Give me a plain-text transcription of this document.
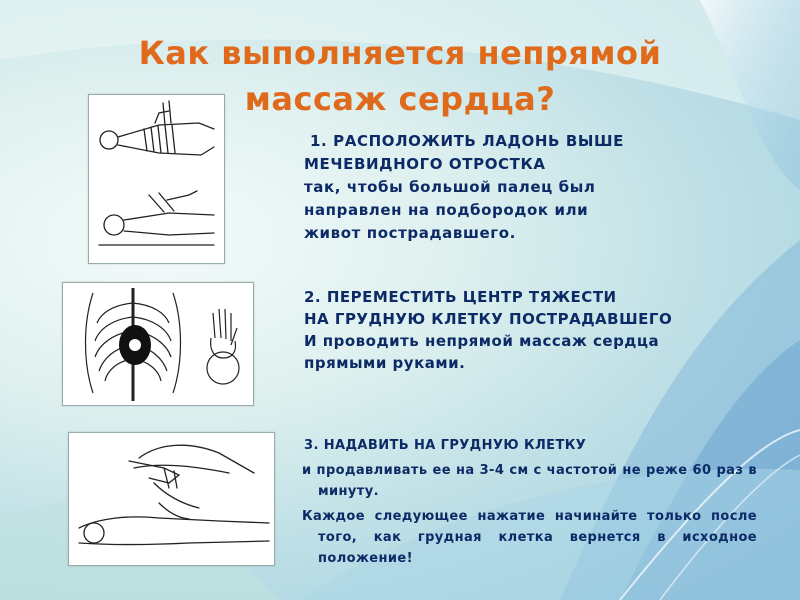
Как выполняется непрямой
массаж сердца?
1. РАСПОЛОЖИТЬ ЛАДОНЬ ВЫШЕ
МЕЧЕВИДНОГО ОТРОСТКА
так, чтобы большой палец был
направлен на подбородок или
живот пострадавшего.
2. ПЕРЕМЕСТИТЬ ЦЕНТР ТЯЖЕСТИ
НА ГРУДНУЮ КЛЕТКУ ПОСТРАДАВШЕГО
И проводить непрямой массаж сердца
прямыми руками.
3. НАДАВИТЬ НА ГРУДНУЮ КЛЕТКУ
и продавливать ее на 3-4 см с частотой не реже 60 раз в минуту.
Каждое следующее нажатие начинайте только после того, как грудная клетка вернется в исходное положение!
